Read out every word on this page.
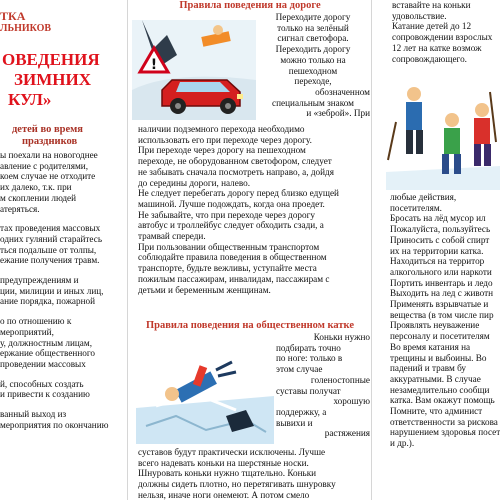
ТКА

ЛЬНИКОВ

ОВЕДЕНИЯ

ЗИМНИХ

КУЛ»

детей во время

праздников

ы поехали на новогоднее

авление с родителями,

коем случае не отходите

их далеко, т.к. при

м скоплении людей

атеряться.

тах проведения массовых

одних гуляний старайтесь

ться подальше от толпы,

ежание получения травм.

предупреждениям и

ции, милиции и иных лиц,

ание порядка, пожарной

о по отношению к

мероприятий,

у, должностным лицам,

ержание общественного

проведении массовых

й, способных создать

и привести к созданию

ванный выход из

мероприятия по окончанию

Правила поведения на дороге

!

Переходите дорогу

только на зелёный

сигнал светофора.

Переходить дорогу

можно только на

пешеходном

переходе,

обозначенном

специальным знаком

и «зеброй». При

наличии подземного перехода необходимо

использовать его при переходе через дорогу.

При переходе через дорогу на пешеходном

переходе, не оборудованном светофором, следует

не забывать сначала посмотреть направо, а, дойдя

до середины дороги, налево.

Не следует перебегать дорогу перед близко едущей

машиной. Лучше подождать, когда она проедет.

Не забывайте, что при переходе через дорогу

автобус и троллейбус следует обходить сзади, а

трамвай спереди.

При пользовании общественным транспортом

соблюдайте правила поведения в общественном

транспорте, будьте вежливы, уступайте места

пожилым пассажирам, инвалидам, пассажирам с

детьми и беременным женщинам.

Правила поведения на общественном катке

Коньки нужно

подбирать точно

по ноге: только в

этом случае

голеностопные

суставы получат

хорошую

поддержку, а

вывихи и

растяжения

суставов будут практически исключены. Лучше

всего надевать коньки на шерстяные носки.

Шнуровать коньки нужно тщательно. Коньки

должны сидеть плотно, но перетягивать шнуровку

нельзя, иначе ноги онемеют. А потом смело

вставайте на коньки

удовольствие.

Катание детей до 12

сопровождении взрослых

12 лет на катке возмож

сопровождающего.

любые действия,

посетителям.

Бросать на лёд мусор ил

Пожалуйста, пользуйтесь

Приносить с собой спирт

их на территории катка.

Находиться на территор

алкогольного или наркоти

Портить инвентарь и ледо

Выходить на лед с животн

Применять взрывчатые и

вещества (в том числе пир

Проявлять неуважение

персоналу и посетителям

Во время катания на

трещины и выбоины. Во

падений и травм бу

аккуратными. В случае

незамедлительно сообщи

катка. Вам окажут помощь

Помните, что админист

ответственности за рискова

нарушением здоровья посет

и др.).
